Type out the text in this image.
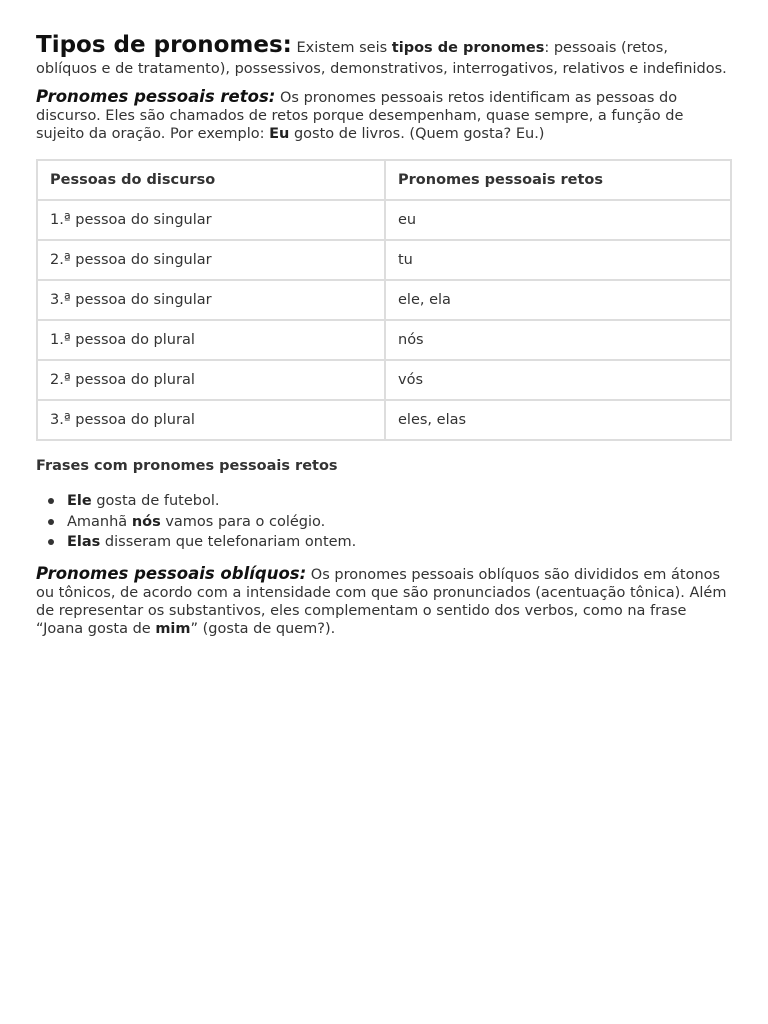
Tipos de pronomes: Existem seis tipos de pronomes: pessoais (retos, oblíquos e de tratamento), possessivos, demonstrativos, interrogativos, relativos e indefinidos.

Pronomes pessoais retos: Os pronomes pessoais retos identificam as pessoas do discurso. Eles são chamados de retos porque desempenham, quase sempre, a função de sujeito da oração. Por exemplo: Eu gosto de livros. (Quem gosta? Eu.)

Pessoas do discurso	Pronomes pessoais retos
1.ª pessoa do singular	eu
2.ª pessoa do singular	tu
3.ª pessoa do singular	ele, ela
1.ª pessoa do plural	nós
2.ª pessoa do plural	vós
3.ª pessoa do plural	eles, elas

Frases com pronomes pessoais retos

Ele gosta de futebol.
Amanhã nós vamos para o colégio.
Elas disseram que telefonariam ontem.

Pronomes pessoais oblíquos: Os pronomes pessoais oblíquos são divididos em átonos ou tônicos, de acordo com a intensidade com que são pronunciados (acentuação tônica). Além de representar os substantivos, eles complementam o sentido dos verbos, como na frase “Joana gosta de mim” (gosta de quem?).
